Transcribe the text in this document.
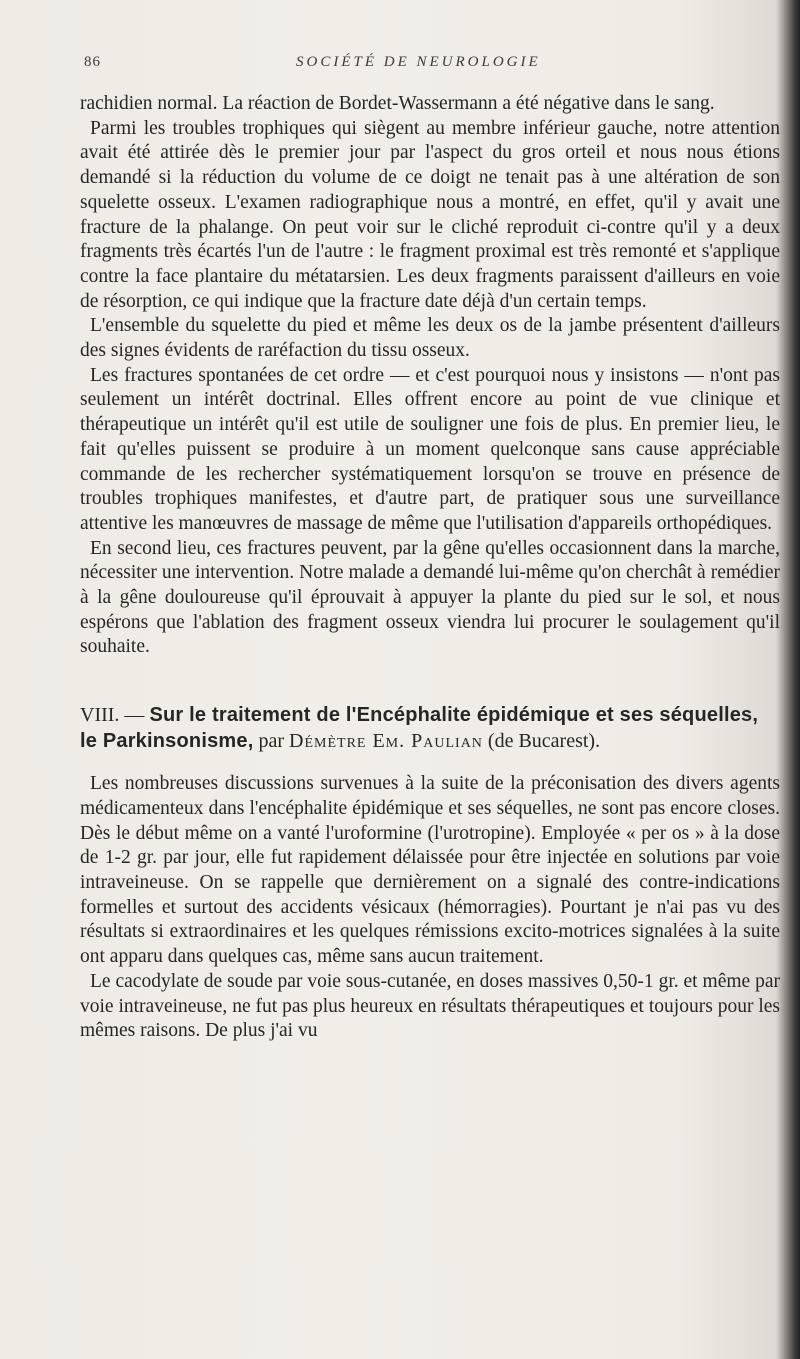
86	SOCIÉTÉ DE NEUROLOGIE

rachidien normal. La réaction de Bordet-Wassermann a été négative dans le sang.

Parmi les troubles trophiques qui siègent au membre inférieur gauche, notre attention avait été attirée dès le premier jour par l'aspect du gros orteil et nous nous étions demandé si la réduction du volume de ce doigt ne tenait pas à une altération de son squelette osseux. L'examen radiographique nous a montré, en effet, qu'il y avait une fracture de la phalange. On peut voir sur le cliché reproduit ci-contre qu'il y a deux fragments très écartés l'un de l'autre : le fragment proximal est très remonté et s'applique contre la face plantaire du métatarsien. Les deux fragments paraissent d'ailleurs en voie de résorption, ce qui indique que la fracture date déjà d'un certain temps.

L'ensemble du squelette du pied et même les deux os de la jambe présentent d'ailleurs des signes évidents de raréfaction du tissu osseux.

Les fractures spontanées de cet ordre — et c'est pourquoi nous y insistons — n'ont pas seulement un intérêt doctrinal. Elles offrent encore au point de vue clinique et thérapeutique un intérêt qu'il est utile de souligner une fois de plus. En premier lieu, le fait qu'elles puissent se produire à un moment quelconque sans cause appréciable commande de les rechercher systématiquement lorsqu'on se trouve en présence de troubles trophiques manifestes, et d'autre part, de pratiquer sous une surveillance attentive les manœuvres de massage de même que l'utilisation d'appareils orthopédiques.

En second lieu, ces fractures peuvent, par la gêne qu'elles occasionnent dans la marche, nécessiter une intervention. Notre malade a demandé lui-même qu'on cherchât à remédier à la gêne douloureuse qu'il éprouvait à appuyer la plante du pied sur le sol, et nous espérons que l'ablation des fragment osseux viendra lui procurer le soulagement qu'il souhaite.

VIII. — Sur le traitement de l'Encéphalite épidémique et ses séquelles, le Parkinsonisme, par Démètre Em. Paulian (de Bucarest).

Les nombreuses discussions survenues à la suite de la préconisation des divers agents médicamenteux dans l'encéphalite épidémique et ses séquelles, ne sont pas encore closes. Dès le début même on a vanté l'uroformine (l'urotropine). Employée « per os » à la dose de 1-2 gr. par jour, elle fut rapidement délaissée pour être injectée en solutions par voie intraveineuse. On se rappelle que dernièrement on a signalé des contre-indications formelles et surtout des accidents vésicaux (hémorragies). Pourtant je n'ai pas vu des résultats si extraordinaires et les quelques rémissions excito-motrices signalées à la suite ont apparu dans quelques cas, même sans aucun traitement.

Le cacodylate de soude par voie sous-cutanée, en doses massives 0,50-1 gr. et même par voie intraveineuse, ne fut pas plus heureux en résultats thérapeutiques et toujours pour les mêmes raisons. De plus j'ai vu
